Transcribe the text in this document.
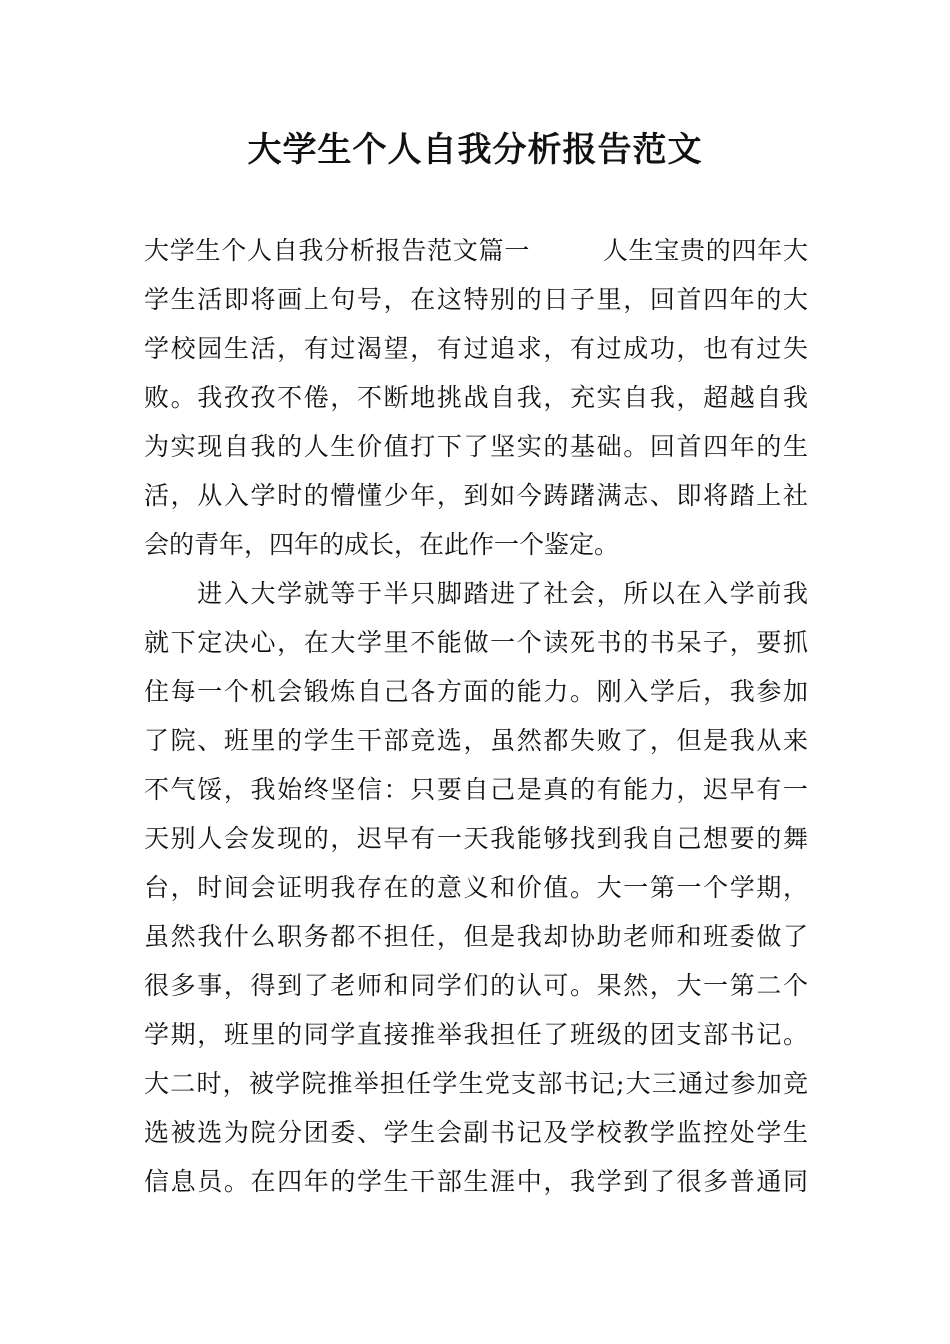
大学生个人自我分析报告范文
大学生个人自我分析报告范文篇一	人生宝贵的四年大
学生活即将画上句号，在这特别的日子里，回首四年的大
学校园生活，有过渴望，有过追求，有过成功，也有过失
败。我孜孜不倦，不断地挑战自我，充实自我，超越自我
为实现自我的人生价值打下了坚实的基础。回首四年的生
活，从入学时的懵懂少年，到如今踌躇满志、即将踏上社
会的青年，四年的成长，在此作一个鉴定。
　　进入大学就等于半只脚踏进了社会，所以在入学前我
就下定决心，在大学里不能做一个读死书的书呆子，要抓
住每一个机会锻炼自己各方面的能力。刚入学后，我参加
了院、班里的学生干部竞选，虽然都失败了，但是我从来
不气馁，我始终坚信：只要自己是真的有能力，迟早有一
天别人会发现的，迟早有一天我能够找到我自己想要的舞
台，时间会证明我存在的意义和价值。大一第一个学期，
虽然我什么职务都不担任，但是我却协助老师和班委做了
很多事，得到了老师和同学们的认可。果然，大一第二个
学期，班里的同学直接推举我担任了班级的团支部书记。
大二时，被学院推举担任学生党支部书记;大三通过参加竞
选被选为院分团委、学生会副书记及学校教学监控处学生
信息员。在四年的学生干部生涯中，我学到了很多普通同
